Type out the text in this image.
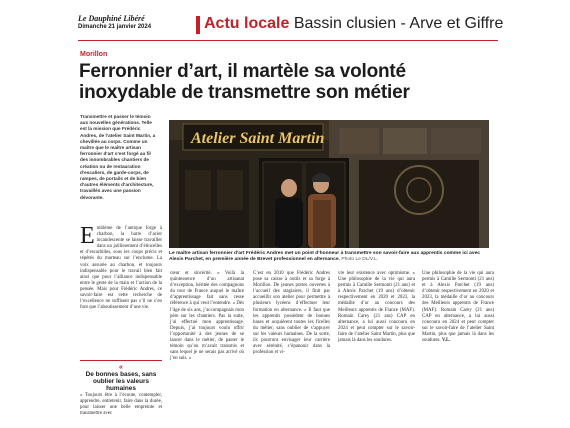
Le Dauphiné Libéré
Dimanche 21 janvier 2024	Actu locale Bassin clusien - Arve et Giffre
Morillon
Ferronnier d’art, il martèle sa volonté inoxydable de transmettre son métier
Transmettre et passer le témoin aux nouvelles générations. Telle est la mission que Frédéric Andres, de l’atelier Saint Martin, a chevillée au corps. Comme un maître que le maître artisan ferronnier d’art s’est forgé au fil des innombrables chantiers de création ou de restauration d’escaliers, de garde-corps, de rampes, de portails et de bien d’autres éléments d’architecture, travaillés avec une passion dévorante.
Atelier Saint Martin
Le maître artisan ferronnier d’art Frédéric Andres met un point d’honneur à transmettre son savoir-faire aux apprentis comme ici avec Alexis Parchet, en première année de Brevet professionnel en alternance. Photo Le DL/V.L.
Emblème de l’antique forge à charbon, la barre d’acier incandescente se laisse travailler dans un jaillissement d’étincelles et d’escarbilles, sous les coups précis et répétés du marteau sur l’enclume. La voix assurée au charbon, et toujours indispensable pour le travail bien fait ainsi que pour l’alliance indispensable entre le geste de la main et l’action de la pensée. Mais pour Frédéric Andres, ce savoir-faire est cette recherche de l’excellence ne suffisent pas s’il ne s’en font que l’aboutissement d’une vie.
«
De bonnes bases, sans oublier les valeurs humaines
« Toujours être à l’écoute, contempler, apprendre, entretenir, faire dans la durée, pour laisser une belle empreinte et transmettre avec
cœur et sincérité. » Voilà la quintessence d’un artisanat d’exception, héritée des compagnons du tour de France auquel le maître d’apprentissage fait sans cesse référence à qui veut l’entendre. « Dès l’âge de six ans, j’accompagnais mon père sur les chantiers. Pas la suite, j’ai effectué mon apprentissage. Depuis, j’ai toujours voulu offrir l’opportunité à des jeunes de se lancer dans le métier, de passer le témoin qu’on m’avait transmis et sans lequel je ne serais pas arrivé où j’en suis. »
C’est en 2010 que Frédéric Andres pose sa caisse à outils et sa forge à Morillon. De jeunes portes ouvertes à l’accueil des stagiaires, il finit par accueillir son atelier pour permettre à plusieurs lycéens d’effectuer leur formation en alternance. « Il faut que les apprentis possèdent de bonnes bases et acquièrent toutes les ficelles du métier, sans oublier de s’appuyer sur les valeurs humaines. De la sorte, ils pourront envisager leur carrière avec sérénité, s’épanouir dans la profession et vi-
vre leur existence avec optimisme. » Une philosophie de la vie qui aura permis à Camille Sermonti (21 ans) et à Alexis Parchet (19 ans) d’obtenir respectivement en 2020 et 2023, la médaille d’or au concours des Meilleurs apprentis de France (MAF). Romain Carey (21 ans) CAP en alternance, a lui aussi concouru en 2024 et peut compter sur le savoir-faire de l’atelier Saint Martin, plus que jamais là dans les soudures.
Une philosophie de la vie qui aura permis à Camille Sermonti (21 ans) et à Alexis Parchet (19 ans) d’obtenir respectivement en 2020 et 2023, la médaille d’or au concours des Meilleurs apprentis de France (MAF). Romain Carey (21 ans) CAP en alternance, a lui aussi concouru en 2024 et peut compter sur le savoir-faire de l’atelier Saint Martin, plus que jamais là dans les soudures. V.L.
